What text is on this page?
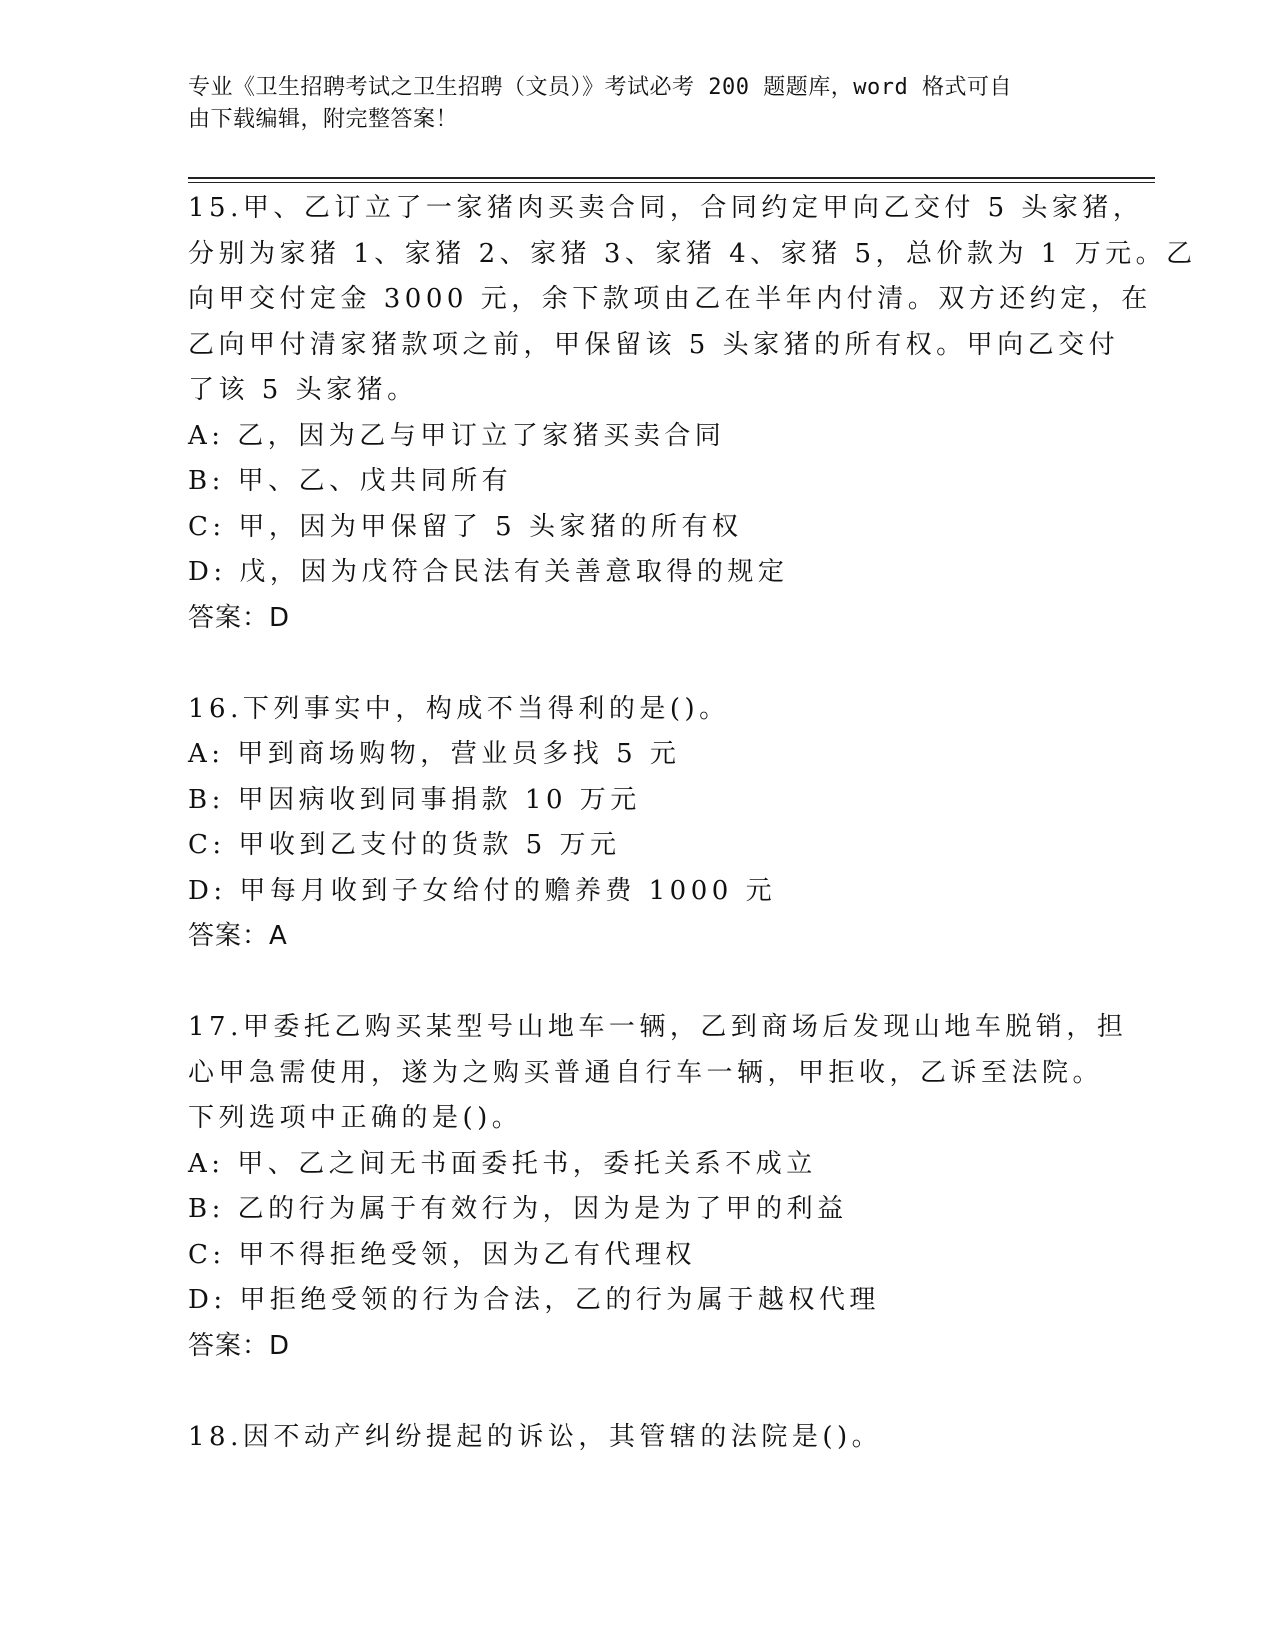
专业《卫生招聘考试之卫生招聘（文员）》考试必考 200 题题库，word 格式可自
由下载编辑，附完整答案！
15.甲、乙订立了一家猪肉买卖合同，合同约定甲向乙交付 5 头家猪，
分别为家猪 1、家猪 2、家猪 3、家猪 4、家猪 5，总价款为 1 万元。乙
向甲交付定金 3000 元，余下款项由乙在半年内付清。双方还约定，在
乙向甲付清家猪款项之前，甲保留该 5 头家猪的所有权。甲向乙交付
了该 5 头家猪。
A: 乙，因为乙与甲订立了家猪买卖合同
B: 甲、乙、戊共同所有
C: 甲，因为甲保留了 5 头家猪的所有权
D: 戊，因为戊符合民法有关善意取得的规定
答案：D
16.下列事实中，构成不当得利的是()。
A: 甲到商场购物，营业员多找 5 元
B: 甲因病收到同事捐款 10 万元
C: 甲收到乙支付的货款 5 万元
D: 甲每月收到子女给付的赡养费 1000 元
答案：A
17.甲委托乙购买某型号山地车一辆，乙到商场后发现山地车脱销，担
心甲急需使用，遂为之购买普通自行车一辆，甲拒收，乙诉至法院。
下列选项中正确的是()。
A: 甲、乙之间无书面委托书，委托关系不成立
B: 乙的行为属于有效行为，因为是为了甲的利益
C: 甲不得拒绝受领，因为乙有代理权
D: 甲拒绝受领的行为合法，乙的行为属于越权代理
答案：D
18.因不动产纠纷提起的诉讼，其管辖的法院是()。
